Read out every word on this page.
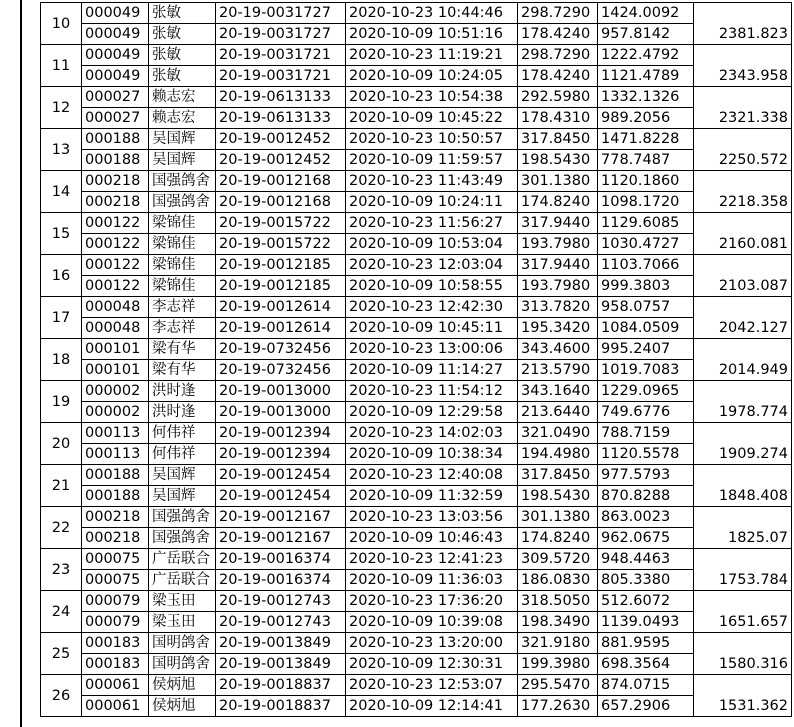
10	000049	张敏	20-19-0031727	2020-10-23 10:44:46	298.7290	1424.0092	2381.823
	000049	张敏	20-19-0031727	2020-10-09 10:51:16	178.4240	957.8142	
11	000049	张敏	20-19-0031721	2020-10-23 11:19:21	298.7290	1222.4792	2343.958
	000049	张敏	20-19-0031721	2020-10-09 10:24:05	178.4240	1121.4789	
12	000027	赖志宏	20-19-0613133	2020-10-23 10:54:38	292.5980	1332.1326	2321.338
	000027	赖志宏	20-19-0613133	2020-10-09 10:45:22	178.4310	989.2056	
13	000188	吴国辉	20-19-0012452	2020-10-23 10:50:57	317.8450	1471.8228	2250.572
	000188	吴国辉	20-19-0012452	2020-10-09 11:59:57	198.5430	778.7487	
14	000218	国强鸽舍	20-19-0012168	2020-10-23 11:43:49	301.1380	1120.1860	2218.358
	000218	国强鸽舍	20-19-0012168	2020-10-09 10:24:11	174.8240	1098.1720	
15	000122	梁锦佳	20-19-0015722	2020-10-23 11:56:27	317.9440	1129.6085	2160.081
	000122	梁锦佳	20-19-0015722	2020-10-09 10:53:04	193.7980	1030.4727	
16	000122	梁锦佳	20-19-0012185	2020-10-23 12:03:04	317.9440	1103.7066	2103.087
	000122	梁锦佳	20-19-0012185	2020-10-09 10:58:55	193.7980	999.3803	
17	000048	李志祥	20-19-0012614	2020-10-23 12:42:30	313.7820	958.0757	2042.127
	000048	李志祥	20-19-0012614	2020-10-09 10:45:11	195.3420	1084.0509	
18	000101	梁有华	20-19-0732456	2020-10-23 13:00:06	343.4600	995.2407	2014.949
	000101	梁有华	20-19-0732456	2020-10-09 11:14:27	213.5790	1019.7083	
19	000002	洪时逢	20-19-0013000	2020-10-23 11:54:12	343.1640	1229.0965	1978.774
	000002	洪时逢	20-19-0013000	2020-10-09 12:29:58	213.6440	749.6776	
20	000113	何伟祥	20-19-0012394	2020-10-23 14:02:03	321.0490	788.7159	1909.274
	000113	何伟祥	20-19-0012394	2020-10-09 10:38:34	194.4980	1120.5578	
21	000188	吴国辉	20-19-0012454	2020-10-23 12:40:08	317.8450	977.5793	1848.408
	000188	吴国辉	20-19-0012454	2020-10-09 11:32:59	198.5430	870.8288	
22	000218	国强鸽舍	20-19-0012167	2020-10-23 13:03:56	301.1380	863.0023	1825.07
	000218	国强鸽舍	20-19-0012167	2020-10-09 10:46:43	174.8240	962.0675	
23	000075	广岳联合	20-19-0016374	2020-10-23 12:41:23	309.5720	948.4463	1753.784
	000075	广岳联合	20-19-0016374	2020-10-09 11:36:03	186.0830	805.3380	
24	000079	梁玉田	20-19-0012743	2020-10-23 17:36:20	318.5050	512.6072	1651.657
	000079	梁玉田	20-19-0012743	2020-10-09 10:39:08	198.3490	1139.0493	
25	000183	国明鸽舍	20-19-0013849	2020-10-23 13:20:00	321.9180	881.9595	1580.316
	000183	国明鸽舍	20-19-0013849	2020-10-09 12:30:31	199.3980	698.3564	
26	000061	侯炳旭	20-19-0018837	2020-10-23 12:53:07	295.5470	874.0715	1531.362
	000061	侯炳旭	20-19-0018837	2020-10-09 12:14:41	177.2630	657.2906	
